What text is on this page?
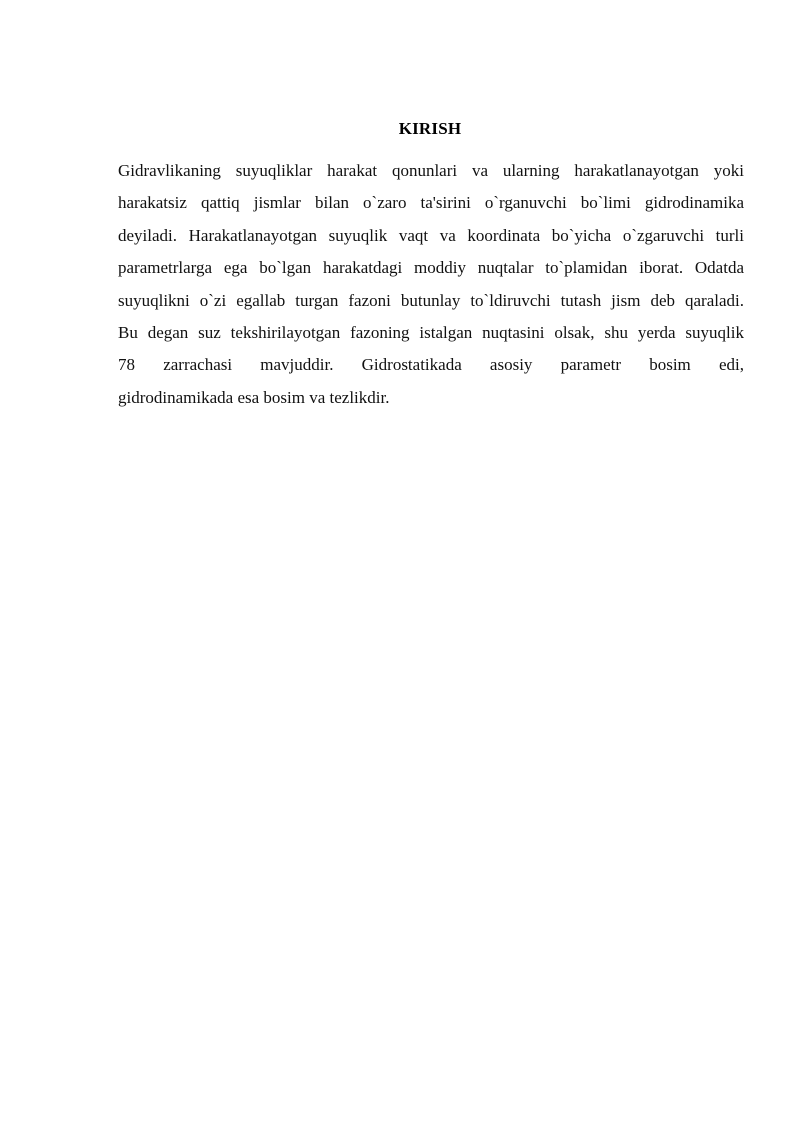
KIRISH
Gidravlikaning suyuqliklar harakat qonunlari va ularning harakatlanayotgan yoki
harakatsiz qattiq jismlar bilan o`zaro ta'sirini o`rganuvchi bo`limi gidrodinamika
deyiladi. Harakatlanayotgan suyuqlik vaqt va koordinata bo`yicha o`zgaruvchi turli
parametrlarga ega bo`lgan harakatdagi moddiy nuqtalar to`plamidan iborat. Odatda
suyuqlikni o`zi egallab turgan fazoni butunlay to`ldiruvchi tutash jism deb qaraladi.
Bu degan suz tekshirilayotgan fazoning istalgan nuqtasini olsak, shu yerda suyuqlik
78 zarrachasi mavjuddir. Gidrostatikada asosiy parametr bosim edi,
gidrodinamikada esa bosim va tezlikdir.
